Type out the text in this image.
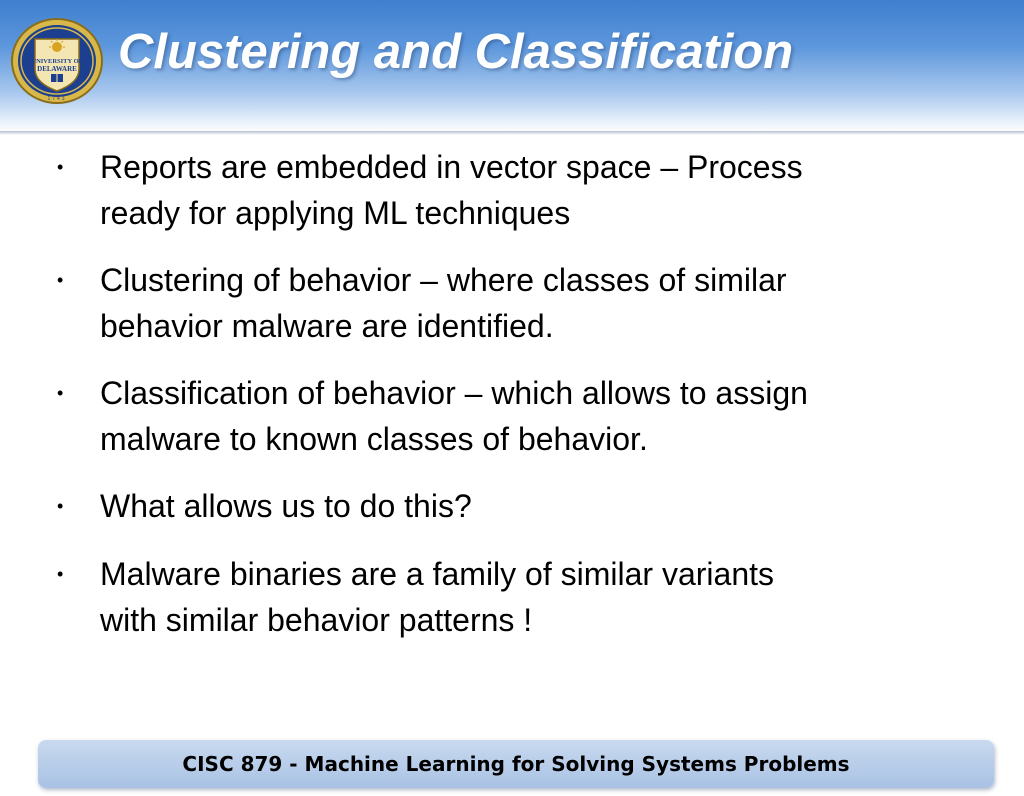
UNIVERSITY OF
DELAWARE
1743
Clustering and Classification
• Reports are embedded in vector space – Process
ready for applying ML techniques
• Clustering of behavior – where classes of similar
behavior malware are identified.
• Classification of behavior – which allows to assign
malware to known classes of behavior.
• What allows us to do this?
• Malware binaries are a family of similar variants
with similar behavior patterns !
CISC 879 - Machine Learning for Solving Systems Problems
